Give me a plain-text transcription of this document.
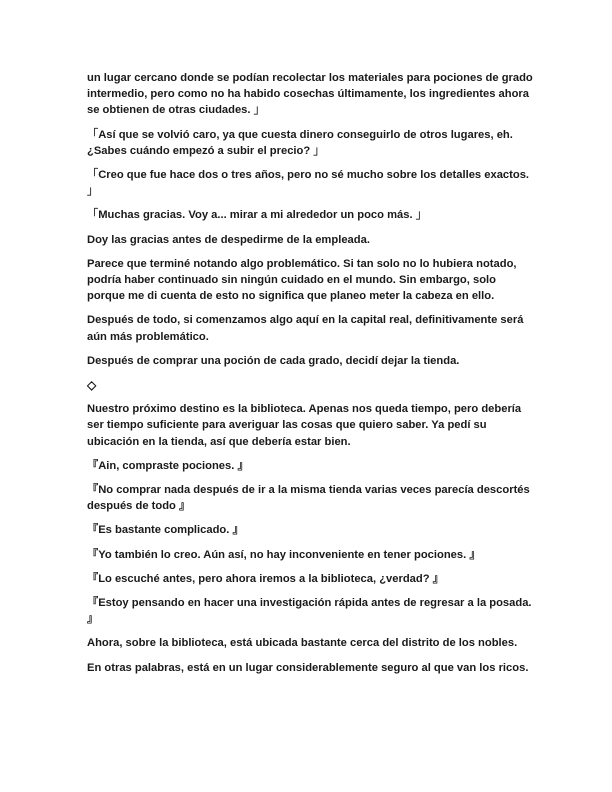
un lugar cercano donde se podían recolectar los materiales para pociones de grado intermedio, pero como no ha habido cosechas últimamente, los ingredientes ahora se obtienen de otras ciudades. 」

「Así que se volvió caro, ya que cuesta dinero conseguirlo de otros lugares, eh. ¿Sabes cuándo empezó a subir el precio? 」

「Creo que fue hace dos o tres años, pero no sé mucho sobre los detalles exactos. 」

「Muchas gracias. Voy a... mirar a mi alrededor un poco más. 」

Doy las gracias antes de despedirme de la empleada.

Parece que terminé notando algo problemático. Si tan solo no lo hubiera notado, podría haber continuado sin ningún cuidado en el mundo. Sin embargo, solo porque me di cuenta de esto no significa que planeo meter la cabeza en ello.

Después de todo, si comenzamos algo aquí en la capital real, definitivamente será aún más problemático.

Después de comprar una poción de cada grado, decidí dejar la tienda.

◇

Nuestro próximo destino es la biblioteca. Apenas nos queda tiempo, pero debería ser tiempo suficiente para averiguar las cosas que quiero saber. Ya pedí su ubicación en la tienda, así que debería estar bien.

『Ain, compraste pociones. 』

『No comprar nada después de ir a la misma tienda varias veces parecía descortés después de todo 』

『Es bastante complicado. 』

『Yo también lo creo. Aún así, no hay inconveniente en tener pociones. 』

『Lo escuché antes, pero ahora iremos a la biblioteca, ¿verdad? 』

『Estoy pensando en hacer una investigación rápida antes de regresar a la posada. 』

Ahora, sobre la biblioteca, está ubicada bastante cerca del distrito de los nobles.

En otras palabras, está en un lugar considerablemente seguro al que van los ricos.
